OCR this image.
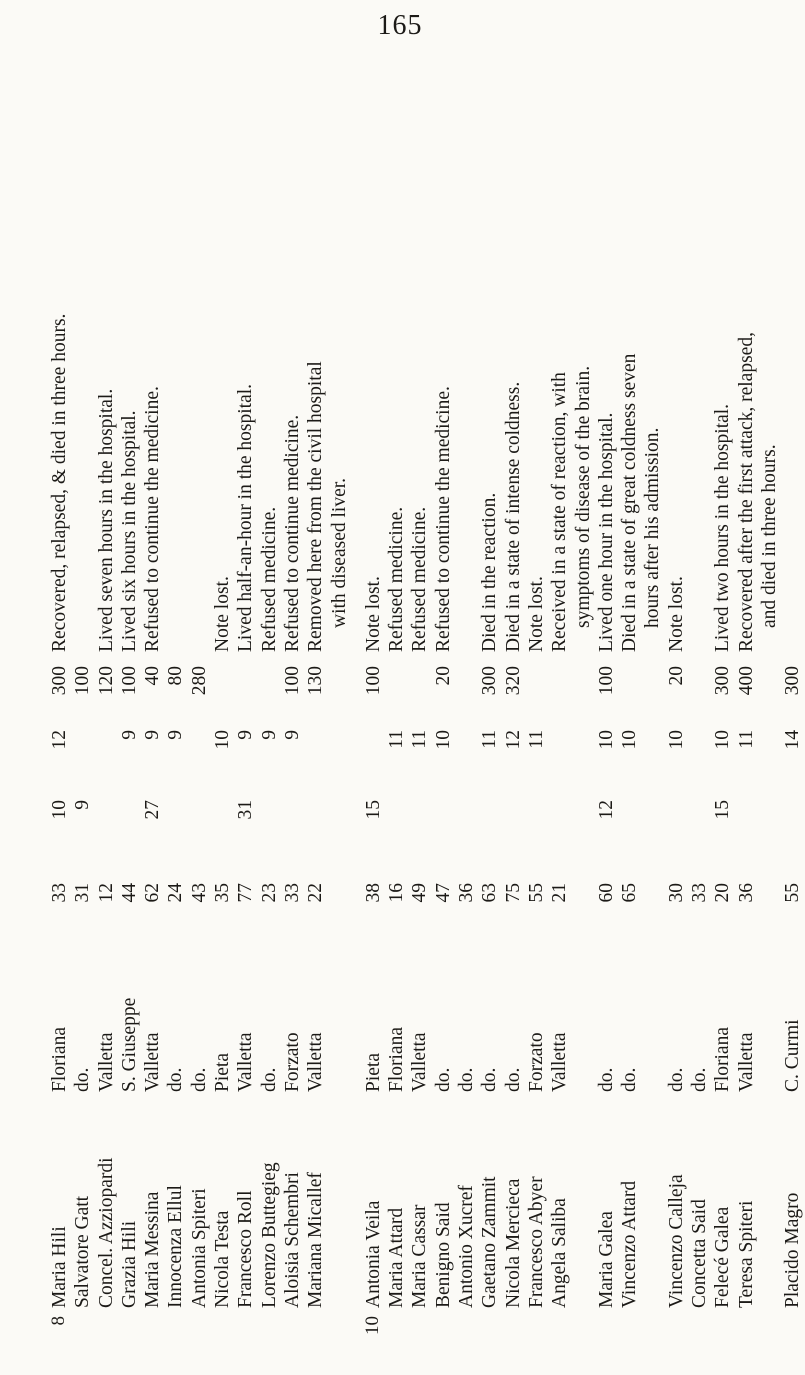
165
8
Maria Hili
Floriana
33
10
12
300
Recovered, relapsed, & died in three hours.
Salvatore Gatt
do.
31
9
100
Concel. Azziopardi
Valletta
12
120
Lived seven hours in the hospital.
Grazia Hili
S. Giuseppe
44
9
100
Lived six hours in the hospital.
Maria Messina
Valletta
62
27
9
40
Refused to continue the medicine.
Innocenza Ellul
do.
24
9
80
Antonia Spiteri
do.
43
280
Nicola Testa
Pieta
35
10
Note lost.
Francesco Roll
Valletta
77
31
9
Lived half-an-hour in the hospital.
Lorenzo Buttegieg
do.
23
9
Refused medicine.
Aloisia Schembri
Forzato
33
9
100
Refused to continue medicine.
Mariana Micallef
Valletta
22
130
Removed here from the civil hospital with diseased liver.
10
Antonia Veila
Pieta
38
15
100
Note lost.
Maria Attard
Floriana
16
11
Refused medicine.
Maria Cassar
Valletta
49
11
Refused medicine.
Benigno Said
do.
47
10
20
Refused to continue the medicine.
Antonio Xucref
do.
36
Gaetano Zammit
do.
63
11
300
Died in the reaction.
Nicola Mercieca
do.
75
12
320
Died in a state of intense coldness.
Francesco Abyer
Forzato
55
11
Note lost.
Angela Saliba
Valletta
21
Received in a state of reaction, with symptoms of disease of the brain.
Maria Galea
do.
60
12
10
100
Lived one hour in the hospital.
Vincenzo Attard
do.
65
10
Died in a state of great coldness seven hours after his admission.
Vincenzo Calleja
do.
30
10
20
Note lost.
Concetta Said
do.
33
Felecé Galea
Floriana
20
15
10
300
Lived two hours in the hospital.
Teresa Spiteri
Valletta
36
11
400
Recovered after the first attack, relapsed, and died in three hours.
Placido Magro
C. Curmi
55
14
300
